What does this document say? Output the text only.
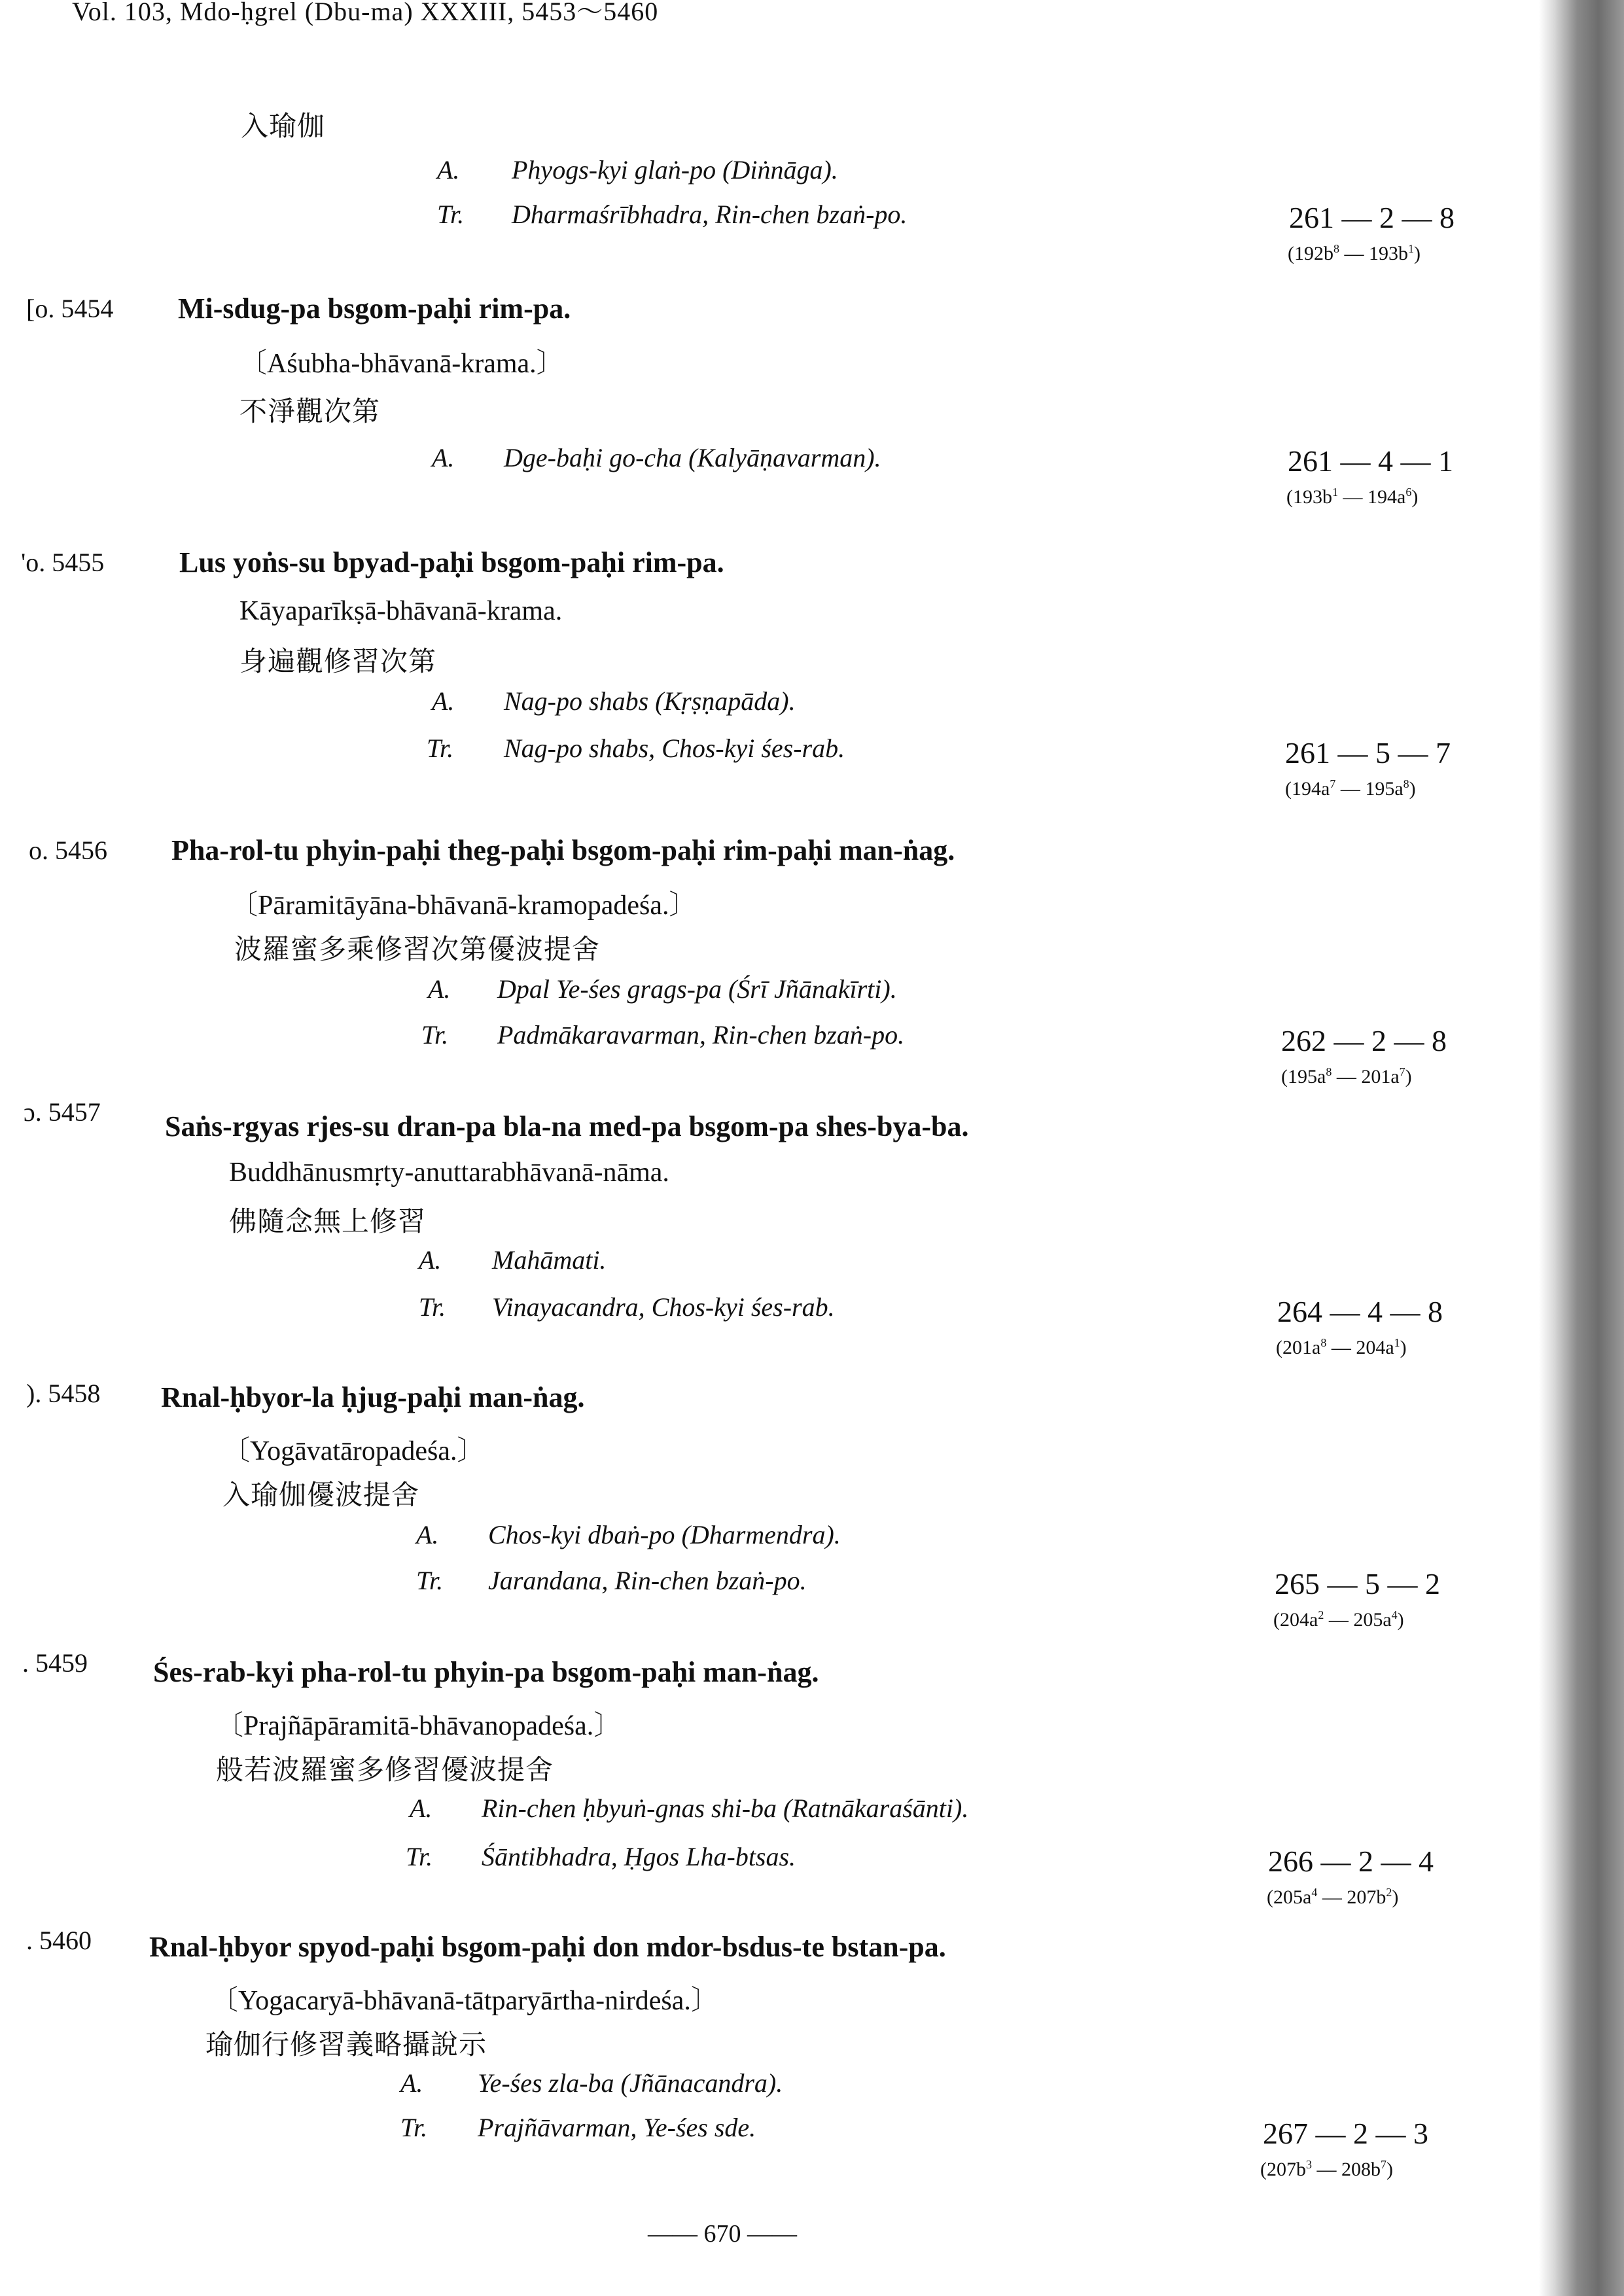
Vol. 103, Mdo-ḥgrel (Dbu-ma) XXXIII, 5453～5460
入瑜伽
A. Phyogs-kyi glaṅ-po (Diṅnāga).
Tr. Dharmaśrībhadra, Rin-chen bzaṅ-po.	261 — 2 — 8
($192b^8$ — $193b^1$)
[o. 5454 Mi-sdug-pa bsgom-paḥi rim-pa.
〔Aśubha-bhāvanā-krama.〕
不淨觀次第
A. Dge-baḥi go-cha (Kalyāṇavarman).	261 — 4 — 1
($193b^1$ — $194a^6$)
'o. 5455	Lus yoṅs-su bpyad-paḥi bsgom-paḥi rim-pa.
Kāyaparīkṣā-bhāvanā-krama.
身遍觀修習次第
A. Nag-po shabs (Kṛṣṇapāda).
Tr. Nag-po shabs, Chos-kyi śes-rab.	261 — 5 — 7
($194a^7$ — $195a^8$)
o. 5456 Pha-rol-tu phyin-paḥi theg-paḥi bsgom-paḥi rim-paḥi man-ṅag.
〔Pāramitāyāna-bhāvanā-kramopadeśa.〕
波羅蜜多乘修習次第優波提舍
A. Dpal Ye-śes grags-pa (Śrī Jñānakīrti).
Tr. Padmākaravarman, Rin-chen bzaṅ-po.	262 — 2 — 8
($195a^8$ — $201a^7$)
ɔ. 5457 Saṅs-rgyas rjes-su dran-pa bla-na med-pa bsgom-pa shes-bya-ba.
Buddhānusmṛty-anuttarabhāvanā-nāma.
佛隨念無上修習
A. Mahāmati.
Tr. Vinayacandra, Chos-kyi śes-rab.	264 — 4 — 8
($201a^8$ — $204a^1$)
). 5458 Rnal-ḥbyor-la ḥjug-paḥi man-ṅag.
〔Yogāvatāropadeśa.〕
入瑜伽優波提舍
A. Chos-kyi dbaṅ-po (Dharmendra).
Tr. Jarandana, Rin-chen bzaṅ-po.	265 — 5 — 2
($204a^2$ — $205a^4$)
. 5459 Śes-rab-kyi pha-rol-tu phyin-pa bsgom-paḥi man-ṅag.
〔Prajñāpāramitā-bhāvanopadeśa.〕
般若波羅蜜多修習優波提舍
A. Rin-chen ḥbyuṅ-gnas shi-ba (Ratnākaraśānti).
Tr. Śāntibhadra, Ḥgos Lha-btsas.	266 — 2 — 4
($205a^4$ — $207b^2$)
. 5460 Rnal-ḥbyor spyod-paḥi bsgom-paḥi don mdor-bsdus-te bstan-pa.
〔Yogacaryā-bhāvanā-tātparyārtha-nirdeśa.〕
瑜伽行修習義略攝說示
A. Ye-śes zla-ba (Jñānacandra).
Tr. Prajñāvarman, Ye-śes sde.	267 — 2 — 3
($207b^3$ — $208b^7$)
—— 670 ——
